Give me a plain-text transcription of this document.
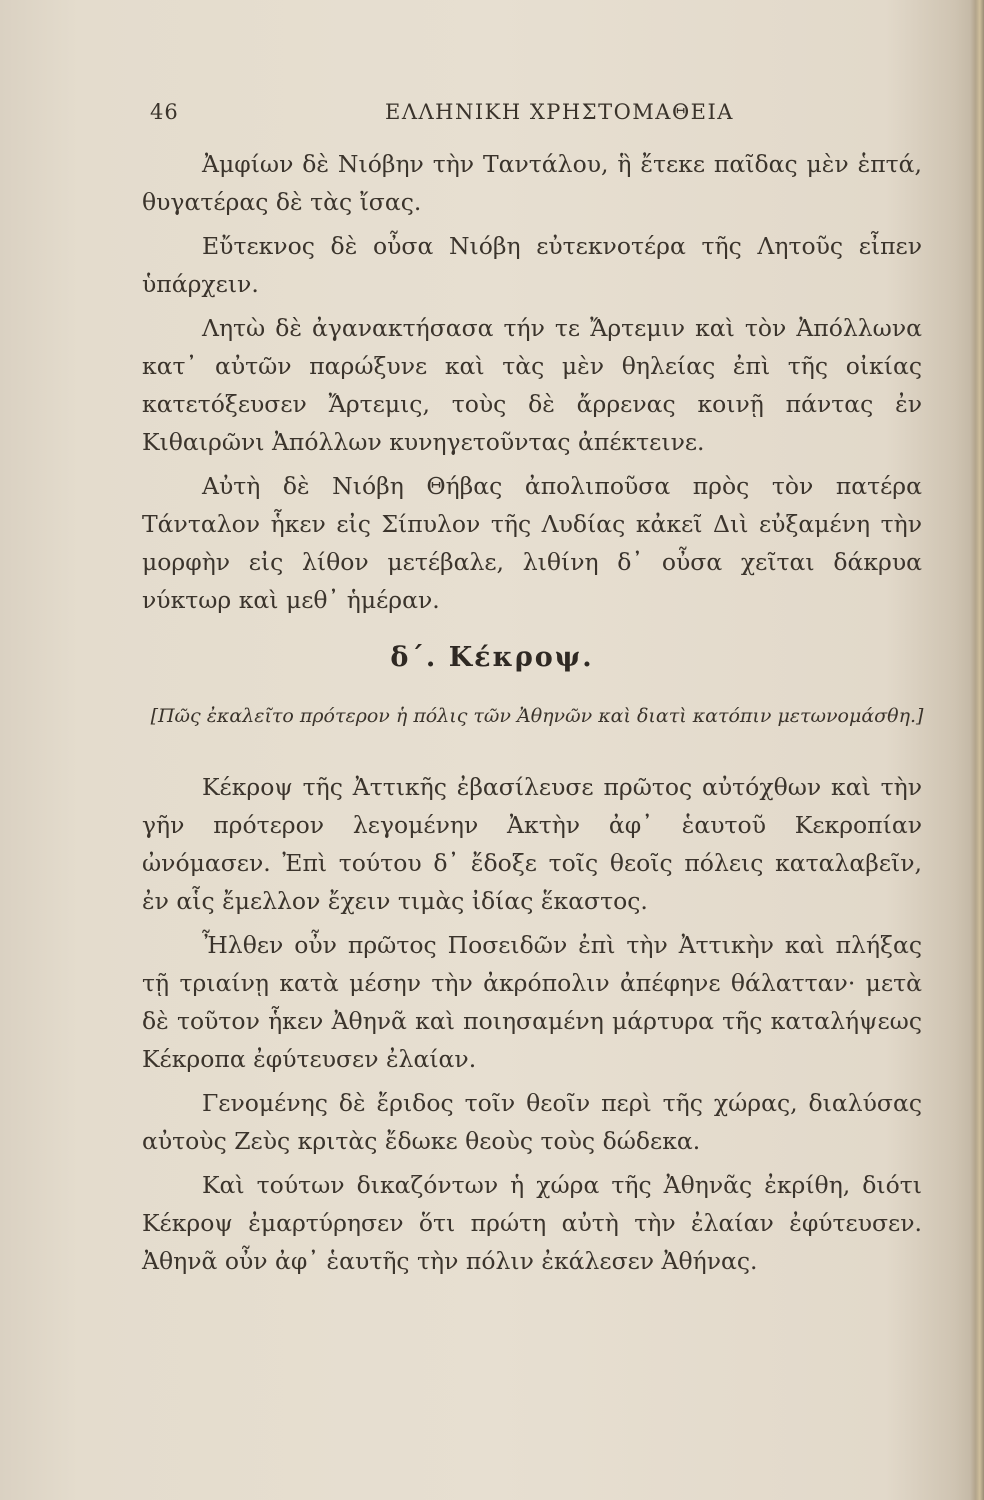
46	ΕΛΛΗΝΙΚΗ ΧΡΗΣΤΟΜΑΘΕΙΑ

Ἀμφίων δὲ Νιόβην τὴν Ταντάλου, ἣ ἔτεκε παῖδας μὲν ἑπτά, θυγατέρας δὲ τὰς ἴσας.

Εὔτεκνος δὲ οὖσα Νιόβη εὐτεκνοτέρα τῆς Λητοῦς εἶπεν ὑπάρχειν.

Λητὼ δὲ ἀγανακτήσασα τήν τε Ἄρτεμιν καὶ τὸν Ἀπόλλωνα κατ᾽ αὐτῶν παρώξυνε καὶ τὰς μὲν θηλείας ἐπὶ τῆς οἰκίας κατετόξευσεν Ἄρτεμις, τοὺς δὲ ἄρρενας κοινῇ πάντας ἐν Κιθαιρῶνι Ἀπόλλων κυνηγετοῦντας ἀπέκτεινε.

Αὐτὴ δὲ Νιόβη Θήβας ἀπολιποῦσα πρὸς τὸν πατέρα Τάνταλον ἧκεν εἰς Σίπυλον τῆς Λυδίας κἀκεῖ Διὶ εὐξαμένη τὴν μορφὴν εἰς λίθον μετέβαλε, λιθίνη δ᾽ οὖσα χεῖται δάκρυα νύκτωρ καὶ μεθ᾽ ἡμέραν.

δ΄. Κέκροψ.
[Πῶς ἐκαλεῖτο πρότερον ἡ πόλις τῶν Ἀθηνῶν καὶ διατὶ κατόπιν μετωνομάσθη.]

Κέκροψ τῆς Ἀττικῆς ἐβασίλευσε πρῶτος αὐτόχθων καὶ τὴν γῆν πρότερον λεγομένην Ἀκτὴν ἀφ᾽ ἑαυτοῦ Κεκροπίαν ὠνόμασεν. Ἐπὶ τούτου δ᾽ ἔδοξε τοῖς θεοῖς πόλεις καταλαβεῖν, ἐν αἷς ἔμελλον ἔχειν τιμὰς ἰδίας ἕκαστος.

Ἦλθεν οὖν πρῶτος Ποσειδῶν ἐπὶ τὴν Ἀττικὴν καὶ πλήξας τῇ τριαίνῃ κατὰ μέσην τὴν ἀκρόπολιν ἀπέφηνε θάλατταν· μετὰ δὲ τοῦτον ἧκεν Ἀθηνᾶ καὶ ποιησαμένη μάρτυρα τῆς καταλήψεως Κέκροπα ἐφύτευσεν ἐλαίαν.

Γενομένης δὲ ἔριδος τοῖν θεοῖν περὶ τῆς χώρας, διαλύσας αὐτοὺς Ζεὺς κριτὰς ἔδωκε θεοὺς τοὺς δώδεκα.

Καὶ τούτων δικαζόντων ἡ χώρα τῆς Ἀθηνᾶς ἐκρίθη, διότι Κέκροψ ἐμαρτύρησεν ὅτι πρώτη αὐτὴ τὴν ἐλαίαν ἐφύτευσεν. Ἀθηνᾶ οὖν ἀφ᾽ ἑαυτῆς τὴν πόλιν ἐκάλεσεν Ἀθήνας.
